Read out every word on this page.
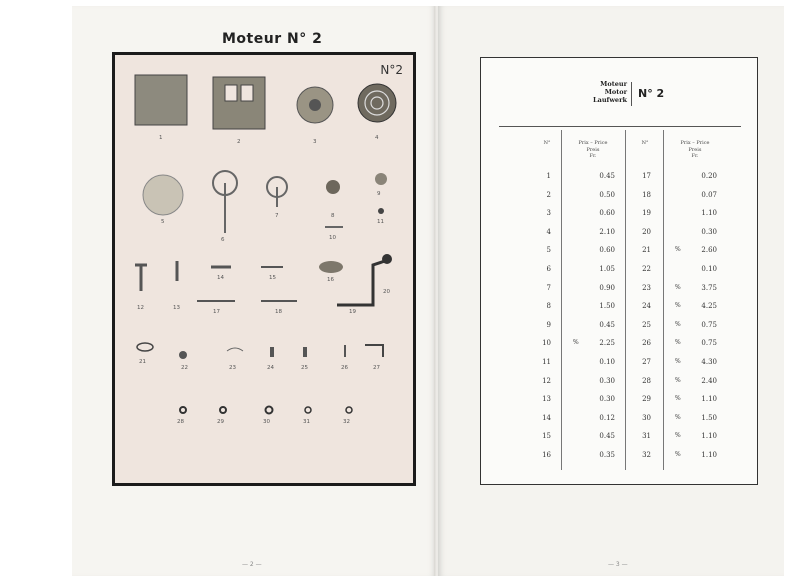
Moteur N° 2
N°2
1
2	3
4
5
6
7	8
9
10
11
12	13
14	15	16
17	18	19
20
21
22	23	24	25	26	27
28	29	30	31	32
— 2 —
Moteur
Motor
Laufwerk N° 2
N°	Prix – Price
Preis
Fr.
N°	Prix – Price
Preis
Fr.
1	0.45
2	0.50
3	0.60
4	2.10
5	0.60
6	1.05
7	0.90
8	1.50
9	0.45
10	%	2.25
11	0.10
12	0.30
13	0.30
14	0.12
15	0.45
16	0.35
17	0.20
18	0.07
19	1.10
20	0.30
21	%	2.60
22	0.10
23	%	3.75
24	%	4.25
25	%	0.75
26	%	0.75
27	%	4.30
28	%	2.40
29	%	1.10
30	%	1.50
31	%	1.10
32	%	1.10
— 3 —
